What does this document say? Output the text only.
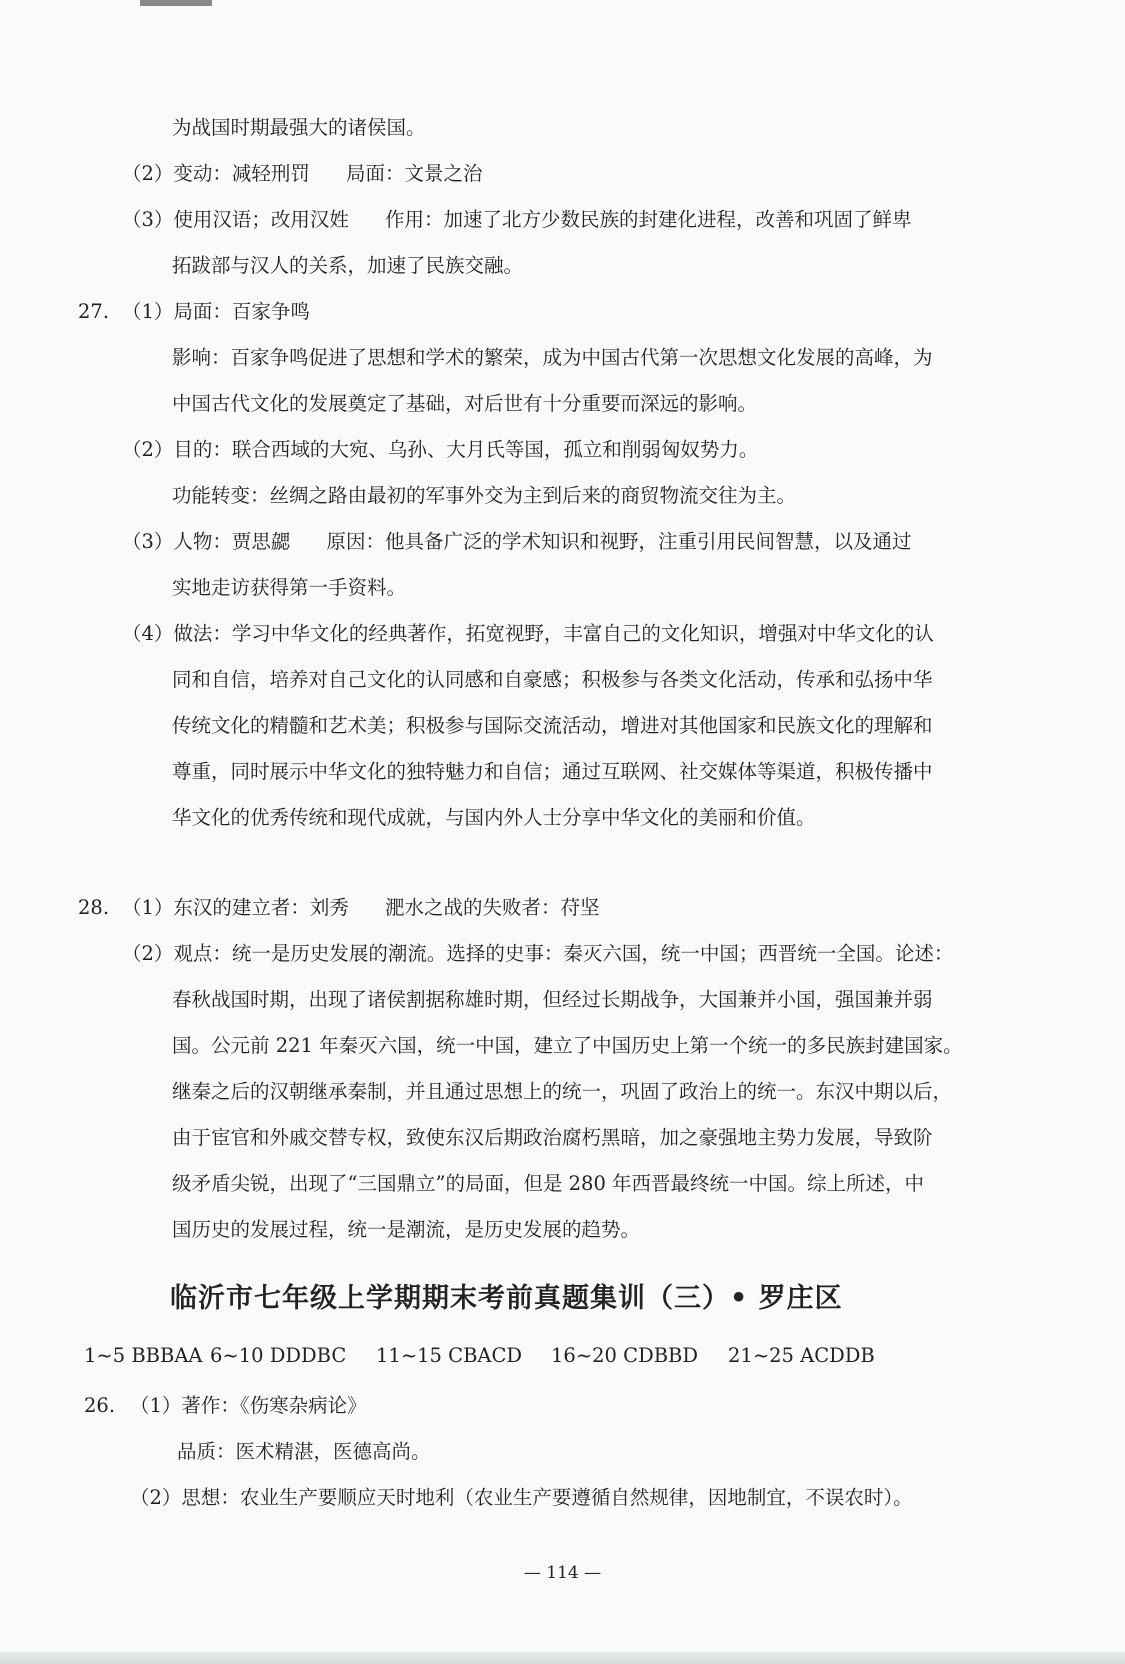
为战国时期最强大的诸侯国。
（2）变动：减轻刑罚 局面：文景之治
（3）使用汉语；改用汉姓 作用：加速了北方少数民族的封建化进程，改善和巩固了鲜卑
拓跋部与汉人的关系，加速了民族交融。
27. （1）局面：百家争鸣
影响：百家争鸣促进了思想和学术的繁荣，成为中国古代第一次思想文化发展的高峰，为
中国古代文化的发展奠定了基础，对后世有十分重要而深远的影响。
（2）目的：联合西域的大宛、乌孙、大月氏等国，孤立和削弱匈奴势力。
功能转变：丝绸之路由最初的军事外交为主到后来的商贸物流交往为主。
（3）人物：贾思勰 原因：他具备广泛的学术知识和视野，注重引用民间智慧，以及通过
实地走访获得第一手资料。
（4）做法：学习中华文化的经典著作，拓宽视野，丰富自己的文化知识，增强对中华文化的认
同和自信，培养对自己文化的认同感和自豪感；积极参与各类文化活动，传承和弘扬中华
传统文化的精髓和艺术美；积极参与国际交流活动，增进对其他国家和民族文化的理解和
尊重，同时展示中华文化的独特魅力和自信；通过互联网、社交媒体等渠道，积极传播中
华文化的优秀传统和现代成就，与国内外人士分享中华文化的美丽和价值。
28. （1）东汉的建立者：刘秀 淝水之战的失败者：苻坚
（2）观点：统一是历史发展的潮流。选择的史事：秦灭六国，统一中国；西晋统一全国。论述：
春秋战国时期，出现了诸侯割据称雄时期，但经过长期战争，大国兼并小国，强国兼并弱
国。公元前 221 年秦灭六国，统一中国，建立了中国历史上第一个统一的多民族封建国家。
继秦之后的汉朝继承秦制，并且通过思想上的统一，巩固了政治上的统一。东汉中期以后，
由于宦官和外戚交替专权，致使东汉后期政治腐朽黑暗，加之豪强地主势力发展，导致阶
级矛盾尖锐，出现了“三国鼎立”的局面，但是 280 年西晋最终统一中国。综上所述，中
国历史的发展过程，统一是潮流，是历史发展的趋势。
临沂市七年级上学期期末考前真题集训（三）• 罗庄区
1~5 BBBAA 6~10 DDDBC 11~15 CBACD 16~20 CDBBD 21~25 ACDDB
26. （1）著作：《伤寒杂病论》
品质：医术精湛，医德高尚。
（2）思想：农业生产要顺应天时地利（农业生产要遵循自然规律，因地制宜，不误农时）。
— 114 —
